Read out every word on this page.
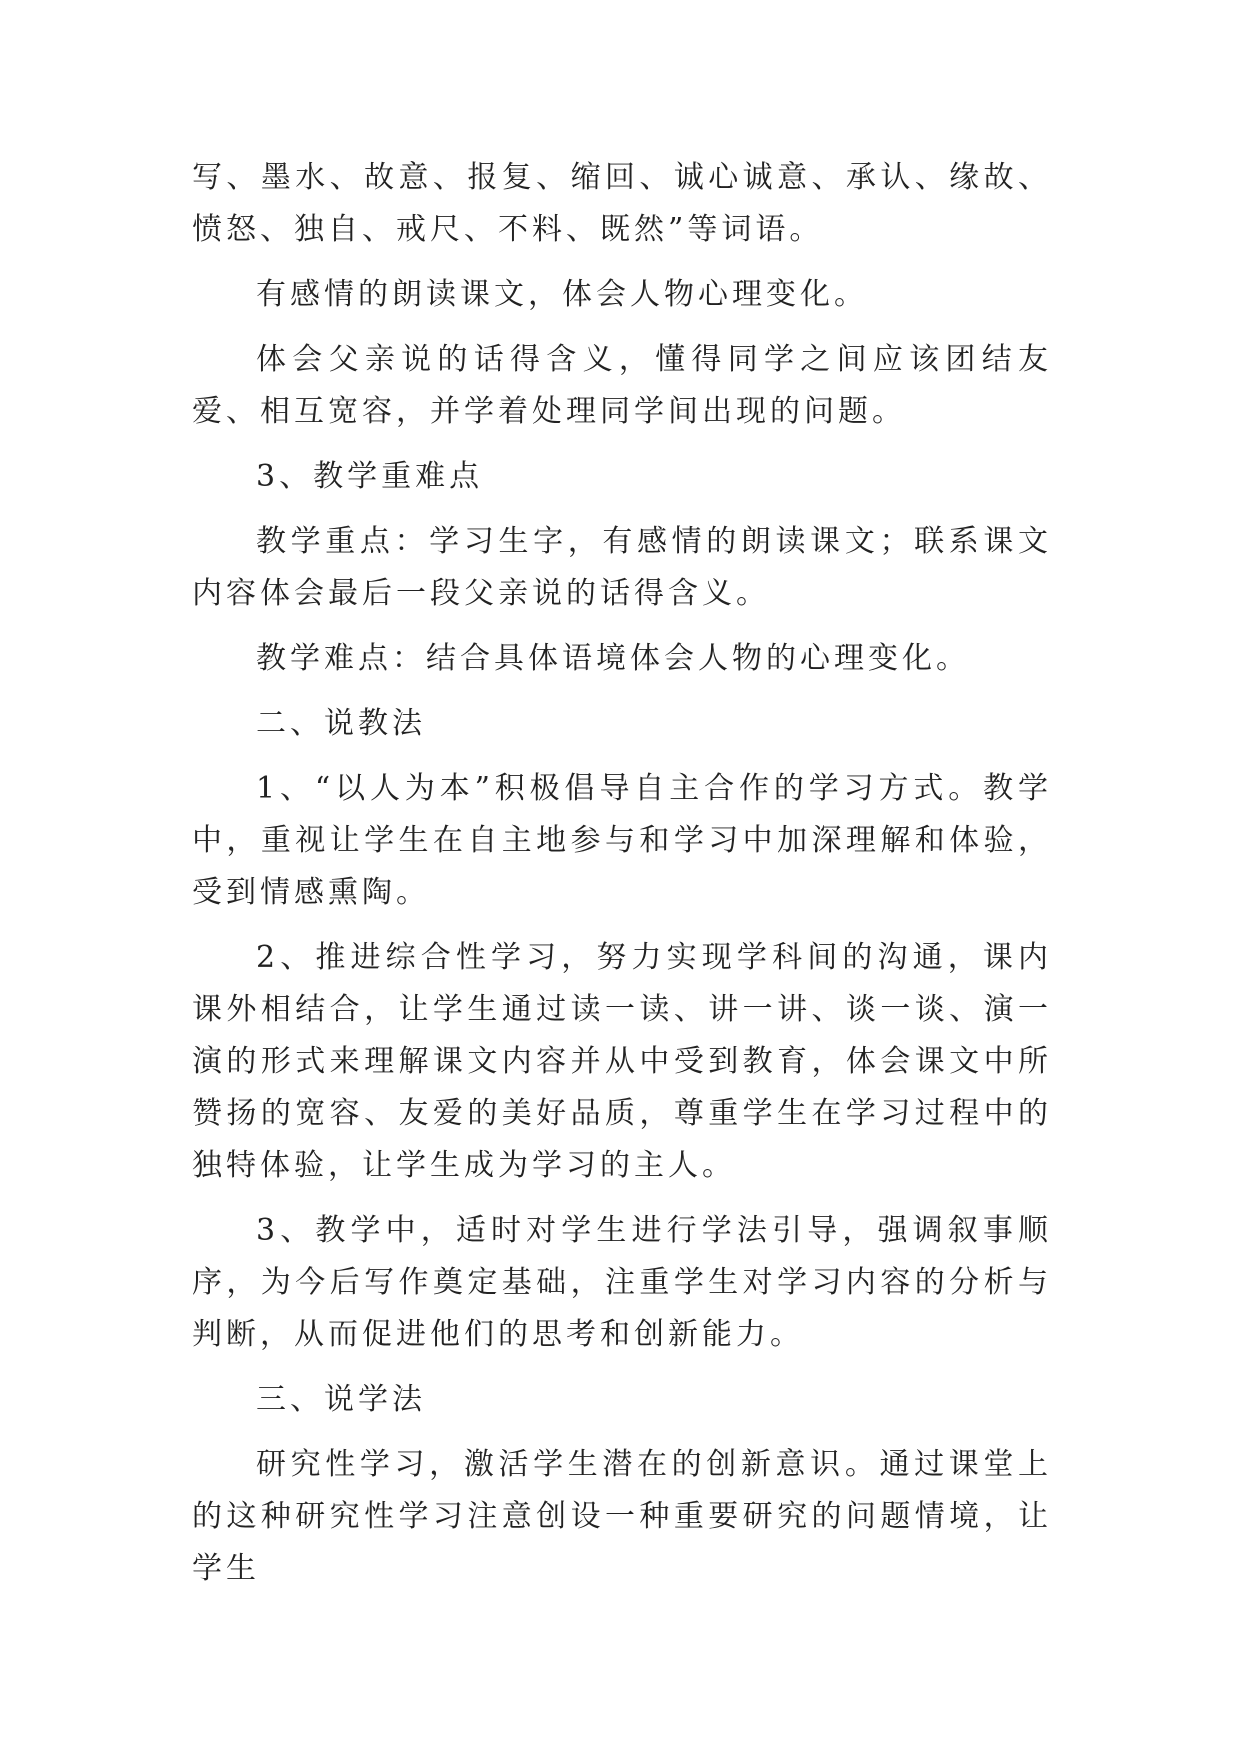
写、墨水、故意、报复、缩回、诚心诚意、承认、缘故、愤怒、独自、戒尺、不料、既然”等词语。

有感情的朗读课文，体会人物心理变化。

体会父亲说的话得含义，懂得同学之间应该团结友爱、相互宽容，并学着处理同学间出现的问题。

3、教学重难点

教学重点：学习生字，有感情的朗读课文；联系课文内容体会最后一段父亲说的话得含义。

教学难点：结合具体语境体会人物的心理变化。

二、说教法

1、“以人为本”积极倡导自主合作的学习方式。教学中，重视让学生在自主地参与和学习中加深理解和体验，受到情感熏陶。

2、推进综合性学习，努力实现学科间的沟通，课内课外相结合，让学生通过读一读、讲一讲、谈一谈、演一演的形式来理解课文内容并从中受到教育，体会课文中所赞扬的宽容、友爱的美好品质，尊重学生在学习过程中的独特体验，让学生成为学习的主人。

3、教学中，适时对学生进行学法引导，强调叙事顺序，为今后写作奠定基础，注重学生对学习内容的分析与判断，从而促进他们的思考和创新能力。

三、说学法

研究性学习，激活学生潜在的创新意识。通过课堂上的这种研究性学习注意创设一种重要研究的问题情境，让学生
